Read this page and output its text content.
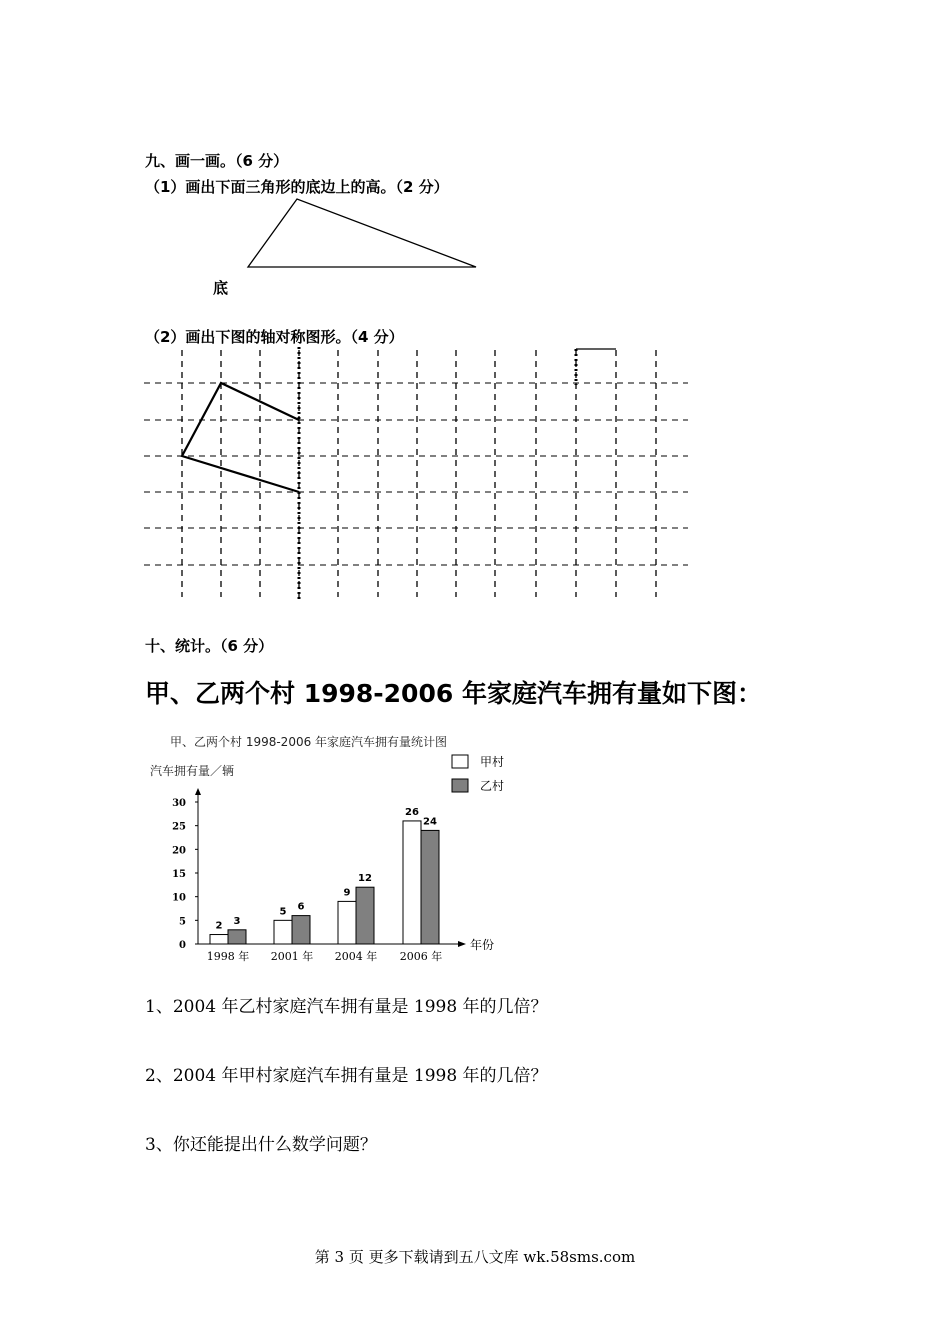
九、画一画。（6 分）
（1）画出下面三角形的底边上的高。（2 分）
底
（2）画出下图的轴对称图形。（4 分）
十、统计。（6 分）
甲、乙两个村 1998-2006 年家庭汽车拥有量如下图：
甲、乙两个村 1998-2006 年家庭汽车拥有量统计图
汽车拥有量／辆
0
5
10
15
20
25
30
2 3
1998 年
5 6
2001 年
9
12
2004 年
26
24
2006 年
年份
甲村
乙村
1、2004 年乙村家庭汽车拥有量是 1998 年的几倍？
2、2004 年甲村家庭汽车拥有量是 1998 年的几倍？
3、你还能提出什么数学问题？
第 3 页 更多下载请到五八文库 wk.58sms.com
